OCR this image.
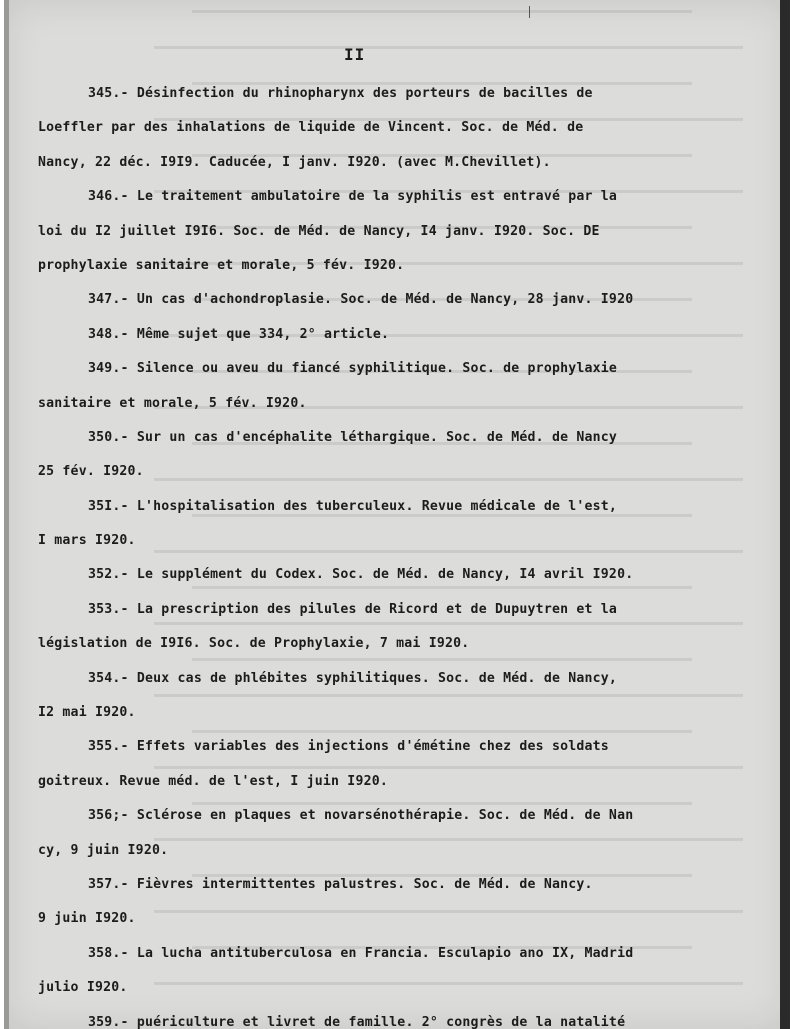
II
345.- Désinfection du rhinopharynx des porteurs de bacilles de
Loeffler par des inhalations de liquide de Vincent. Soc. de Méd. de
Nancy, 22 déc. I9I9. Caducée, I janv. I920. (avec M.Chevillet).
346.- Le traitement ambulatoire de la syphilis est entravé par la
loi du I2 juillet I9I6. Soc. de Méd. de Nancy, I4 janv. I920. Soc. DE
prophylaxie sanitaire et morale, 5 fév. I920.
347.- Un cas d'achondroplasie. Soc. de Méd. de Nancy, 28 janv. I920
348.- Même sujet que 334, 2° article.
349.- Silence ou aveu du fiancé syphilitique. Soc. de prophylaxie
sanitaire et morale, 5 fév. I920.
350.- Sur un cas d'encéphalite léthargique. Soc. de Méd. de Nancy
25 fév. I920.
35I.- L'hospitalisation des tuberculeux. Revue médicale de l'est,
I mars I920.
352.- Le supplément du Codex. Soc. de Méd. de Nancy, I4 avril I920.
353.- La prescription des pilules de Ricord et de Dupuytren et la
législation de I9I6. Soc. de Prophylaxie, 7 mai I920.
354.- Deux cas de phlébites syphilitiques. Soc. de Méd. de Nancy,
I2 mai I920.
355.- Effets variables des injections d'émétine chez des soldats
goitreux. Revue méd. de l'est, I juin I920.
356;- Sclérose en plaques et novarsénothérapie. Soc. de Méd. de Nan
cy, 9 juin I920.
357.- Fièvres intermittentes palustres. Soc. de Méd. de Nancy.
9 juin I920.
358.- La lucha antituberculosa en Francia. Esculapio ano IX, Madrid
julio I920.
359.- puériculture et livret de famille. 2° congrès de la natalité
